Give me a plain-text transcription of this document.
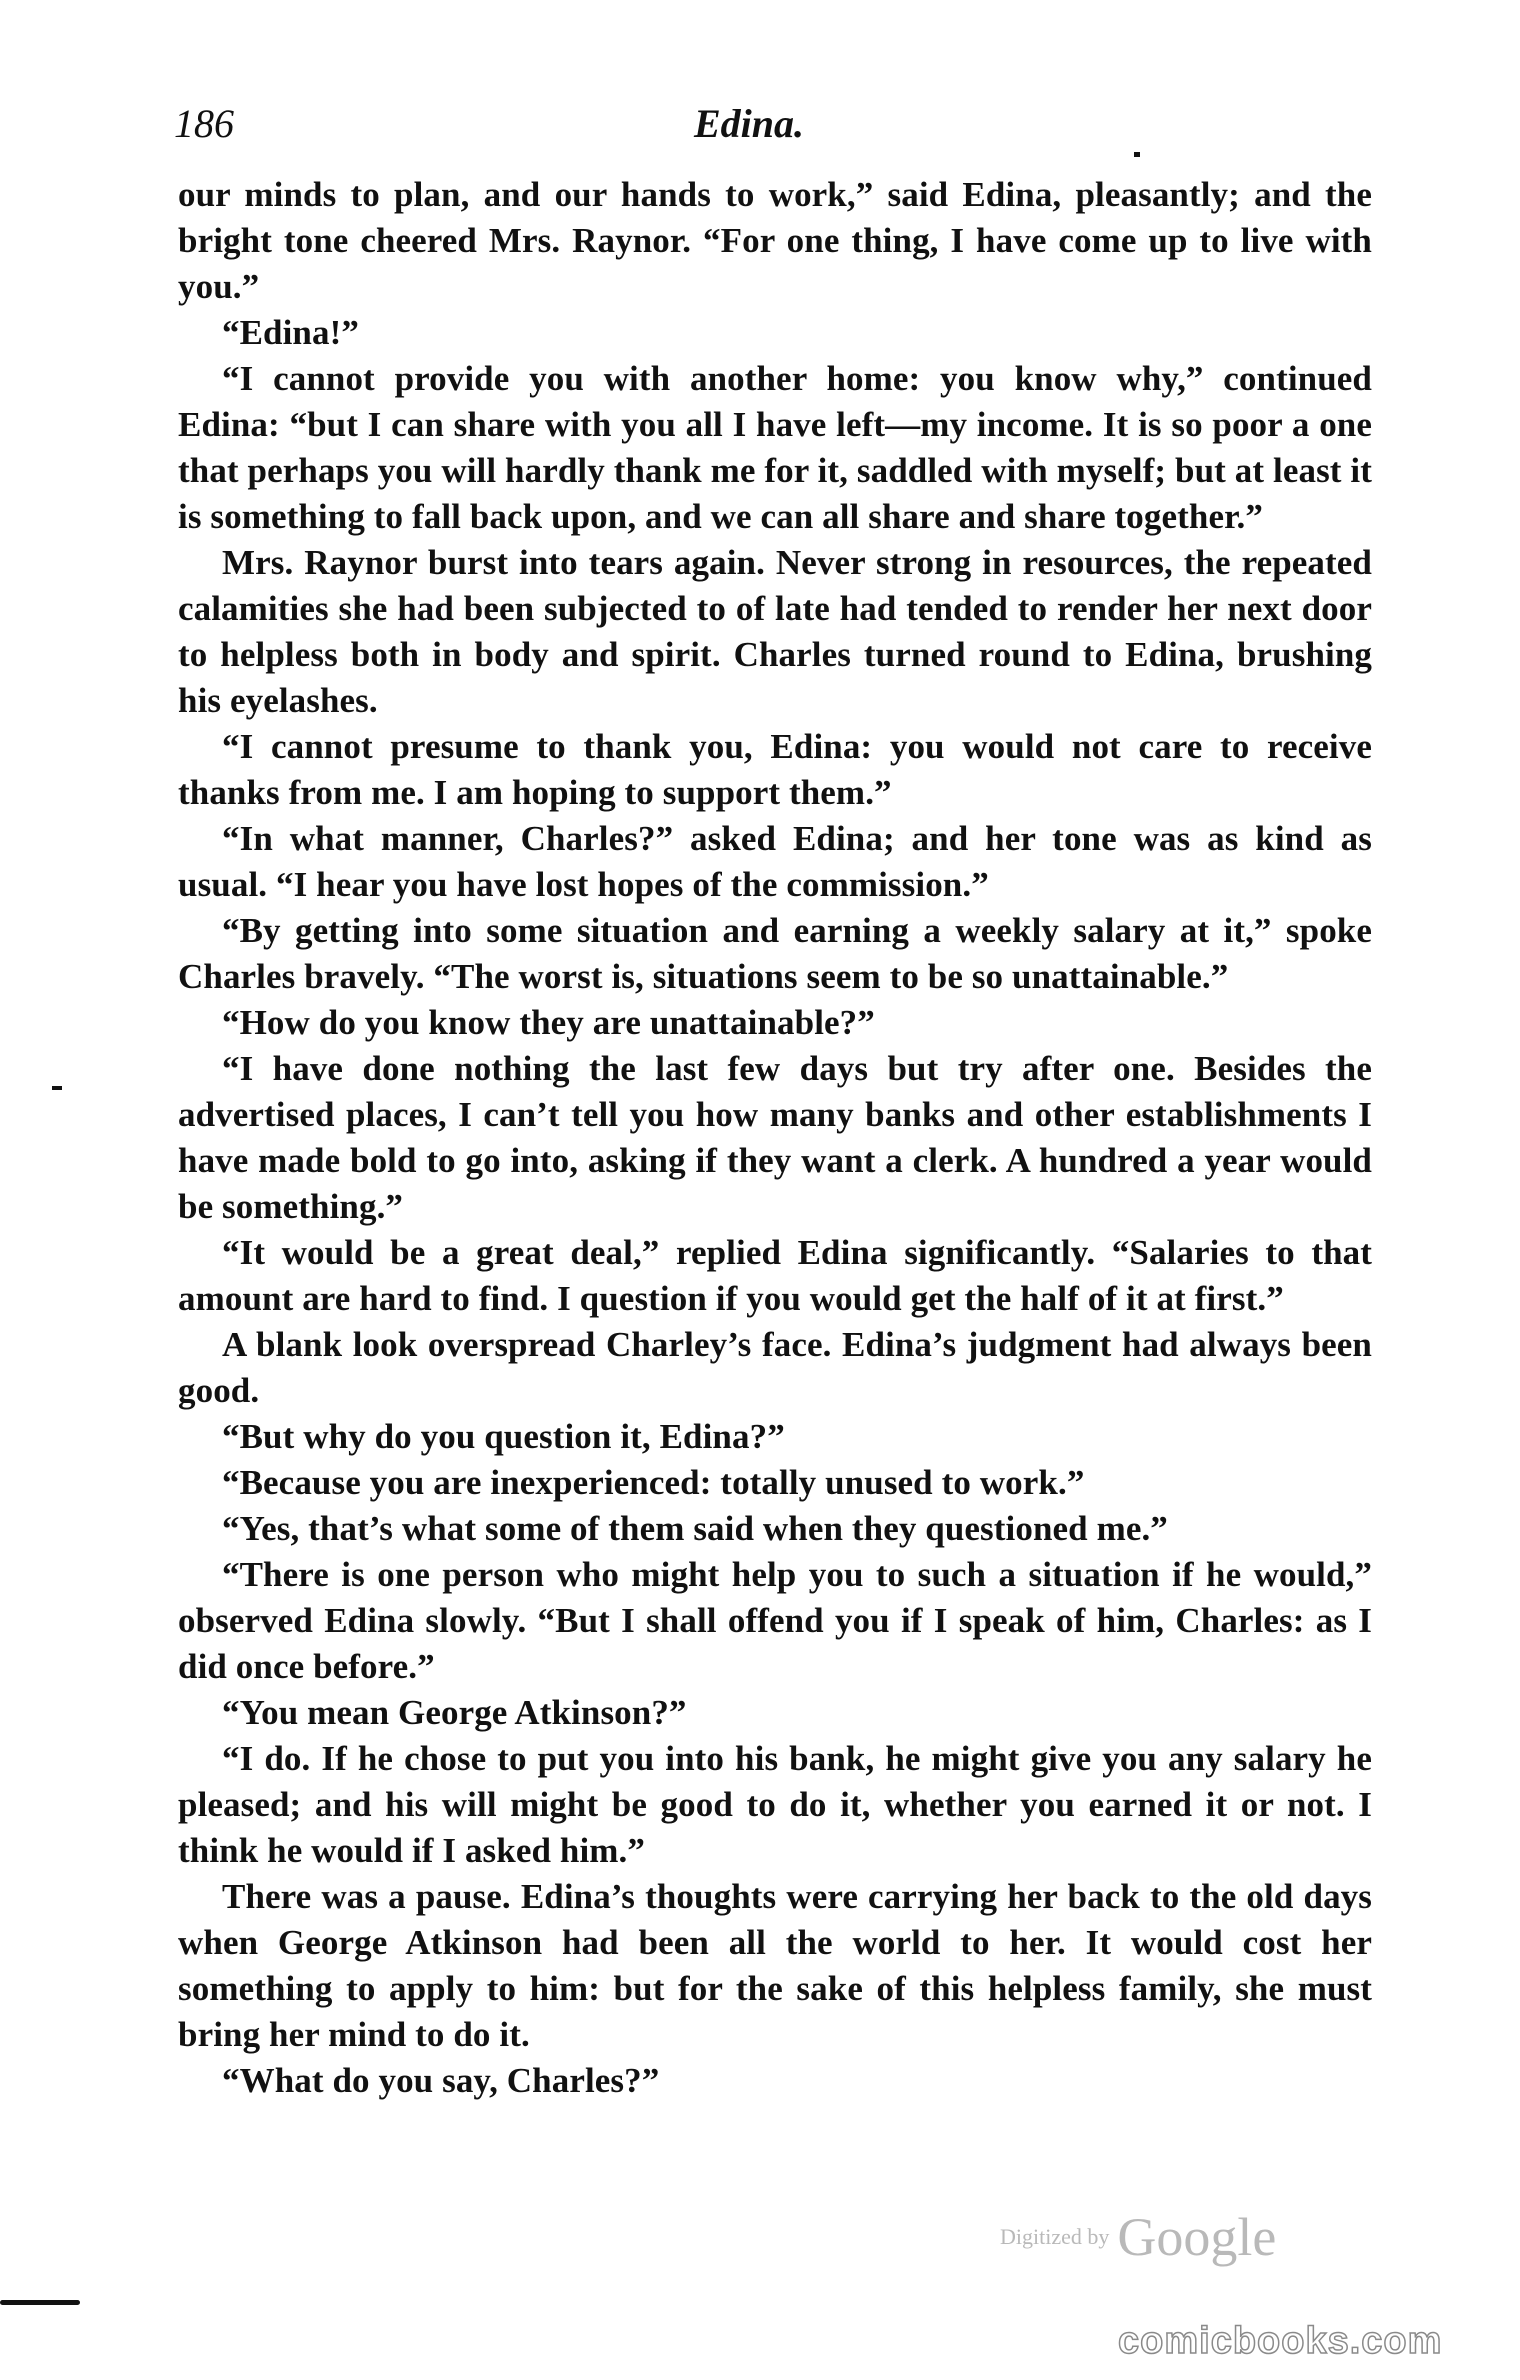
186	Edina.

our minds to plan, and our hands to work,” said Edina, pleasantly; and the bright tone cheered Mrs. Raynor. “For one thing, I have come up to live with you.”

“Edina!”

“I cannot provide you with another home: you know why,” continued Edina: “but I can share with you all I have left—my income. It is so poor a one that perhaps you will hardly thank me for it, saddled with myself; but at least it is something to fall back upon, and we can all share and share together.”

Mrs. Raynor burst into tears again. Never strong in resources, the repeated calamities she had been subjected to of late had tended to render her next door to helpless both in body and spirit. Charles turned round to Edina, brushing his eyelashes.

“I cannot presume to thank you, Edina: you would not care to receive thanks from me. I am hoping to support them.”

“In what manner, Charles?” asked Edina; and her tone was as kind as usual. “I hear you have lost hopes of the commission.”

“By getting into some situation and earning a weekly salary at it,” spoke Charles bravely. “The worst is, situations seem to be so unattainable.”

“How do you know they are unattainable?”

“I have done nothing the last few days but try after one. Besides the advertised places, I can’t tell you how many banks and other establishments I have made bold to go into, asking if they want a clerk. A hundred a year would be something.”

“It would be a great deal,” replied Edina significantly. “Salaries to that amount are hard to find. I question if you would get the half of it at first.”

A blank look overspread Charley’s face. Edina’s judgment had always been good.

“But why do you question it, Edina?”

“Because you are inexperienced: totally unused to work.”

“Yes, that’s what some of them said when they questioned me.”

“There is one person who might help you to such a situation if he would,” observed Edina slowly. “But I shall offend you if I speak of him, Charles: as I did once before.”

“You mean George Atkinson?”

“I do. If he chose to put you into his bank, he might give you any salary he pleased; and his will might be good to do it, whether you earned it or not. I think he would if I asked him.”

There was a pause. Edina’s thoughts were carrying her back to the old days when George Atkinson had been all the world to her. It would cost her something to apply to him: but for the sake of this helpless family, she must bring her mind to do it.

“What do you say, Charles?”

Digitized by Google
comicbooks.com
